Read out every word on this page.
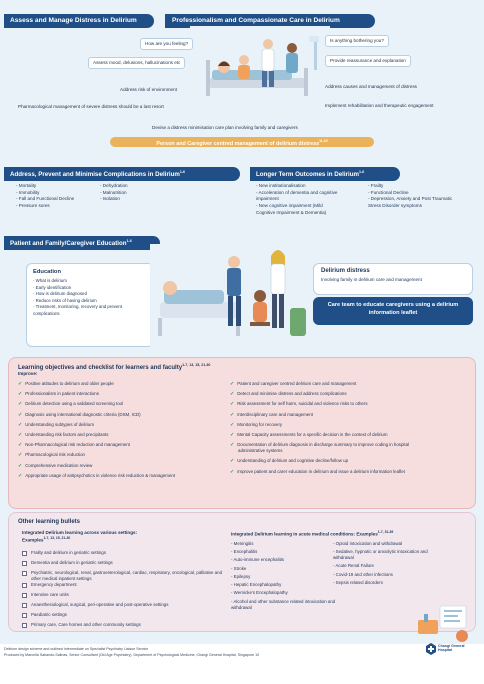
Assess and Manage Distress in Delirium	Professionalism and Compassionate Care in Delirium
How are you feeling?
Assess mood, delusions, hallucinations etc
Address risk of environment
Pharmacological management of severe distress should be a last resort
Is anything bothering you?
Provide reassurance and explanation
Address causes and management of distress
Implement rehabilitation and therapeutic engagement
Devise a distress minimisation care plan involving family and caregivers
Person and Caregiver centred management of delirium distress$^{11-20}$
Address, Prevent and Minimise Complications in Delirium$^{1-6}$	Longer Term Outcomes in Delirium$^{1-6}$
- Mortality
- Immobility
- Fall and Functional Decline
- Pressure sores
- Dehydration
- Malnutrition
- Isolation
- New institutionalisation
- Acceleration of dementia and cognitive
impairment
- New cognitive impairment (Mild
Cognitive Impairment & Dementia)
- Frailty
- Functional Decline
- Depression, Anxiety and Post Traumatic
Stress Disorder symptoms
Patient and Family/Caregiver Education$^{1-6}$
Education
· What is delirium
· Early identification
· How is delirium diagnosed
· Reduce risks of having delirium
· Treatment, monitoring, recovery and prevent
complications
Delirium distress
Involving family in delirium care and management
Care team to educate caregivers using a delirium information leaflet
Learning objectives and checklist for learners and faculty$^{1-7, 13, 15, 21-30}$
Improve:
✓ Positive attitudes to delirium and older people
✓ Professionalism in patient interactions
✓ Delirium detection using a validated screening tool
✓ Diagnosis using international diagnostic criteria (DSM, ICD)
✓ Understanding subtypes of delirium
✓ Understanding risk factors and precipitants
✓ Non-Pharmacological risk reduction and management
✓ Pharmacological risk reduction
✓ Comprehensive medication review
✓ Appropriate usage of antipsychotics in violence risk reduction & management
✓ Patient and caregiver centred delirium care and management
✓ Detect and minimise distress and address complications
✓ Risk assessment for self harm, suicidal and violence risks to others
✓ Interdisciplinary care and management
✓ Monitoring for recovery
✓ Mental Capacity assessments for a specific decision in the context of delirium
✓ Documentation of delirium diagnosis in discharge summary to improve coding in hospital
administrative systems
✓ Understanding of delirium and cognitive decline/follow up
✓ Improve patient and carer education in delirium and issue a delirium information leaflet
Other learning bullets
Integrated Delirium learning across various settings:
Examples$^{1-7, 13, 15, 21-30}$
Frailty and delirium in geriatric settings
Dementia and delirium in geriatric settings
Psychiatric, neurological, renal, gastroenterological, cardiac, respiratory, oncological, palliative and other medical inpatient settings
Emergency department
Intensive care units
Anaesthesiological, surgical, peri-operative and post-operative settings
Paediatric settings
Primary care, Care homes and other community settings
Integrated Delirium learning in acute medical conditions: Examples$^{1-7, 31-39}$
- Meningitis
- Encephalitis
- Auto-immune encephalitis
- Stroke
- Epilepsy
- Hepatic Encephalopathy
- Wernicke's Encephalopathy
- Alcohol and other substance related intoxication and withdrawal
- Opioid intoxication and withdrawal
- Sedative, hypnotic or anxiolytic intoxication and withdrawal
- Acute Renal Failure
- Covid-19 and other infections
- Sepsis related disorders
Delirium design scheme and outlined Intermediate on Specialist Psychiatry Liaison Service
Produced by Marcella Sabando-Salinas, Senior Consultant (Old Age Psychiatry), Department of Psychological Medicine, Changi General Hospital, Singapore 10
Changi General Hospital
